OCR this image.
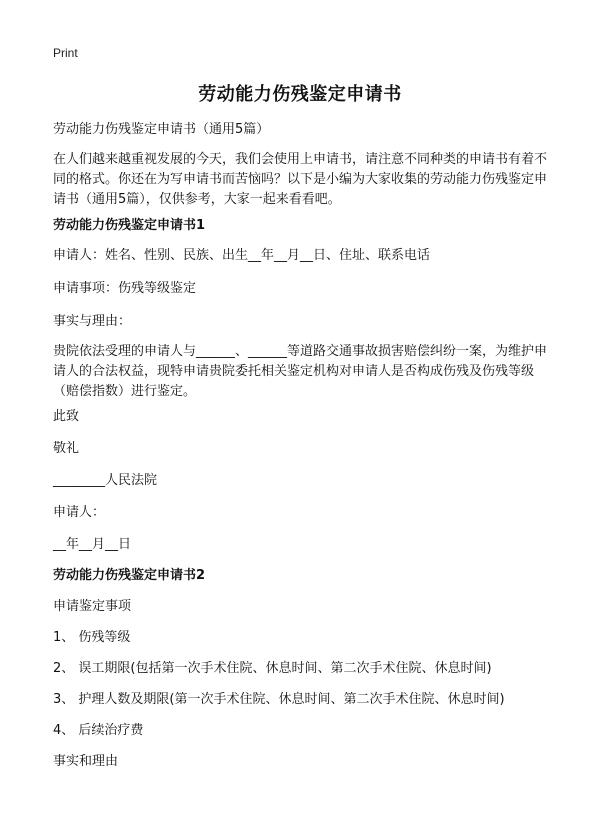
Print
劳动能力伤残鉴定申请书
劳动能力伤残鉴定申请书（通用5篇）
在人们越来越重视发展的今天，我们会使用上申请书，请注意不同种类的申请书有着不同的格式。你还在为写申请书而苦恼吗？以下是小编为大家收集的劳动能力伤残鉴定申请书（通用5篇），仅供参考，大家一起来看看吧。
劳动能力伤残鉴定申请书1
申请人：姓名、性别、民族、出生__年__月__日、住址、联系电话
申请事项：伤残等级鉴定
事实与理由：
贵院依法受理的申请人与______、______等道路交通事故损害赔偿纠纷一案，为维护申请人的合法权益，现特申请贵院委托相关鉴定机构对申请人是否构成伤残及伤残等级（赔偿指数）进行鉴定。
此致
敬礼
________人民法院
申请人：
__年__月__日
劳动能力伤残鉴定申请书2
申请鉴定事项
1、 伤残等级
2、 误工期限(包括第一次手术住院、休息时间、第二次手术住院、休息时间)
3、 护理人数及期限(第一次手术住院、休息时间、第二次手术住院、休息时间)
4、 后续治疗费
事实和理由
